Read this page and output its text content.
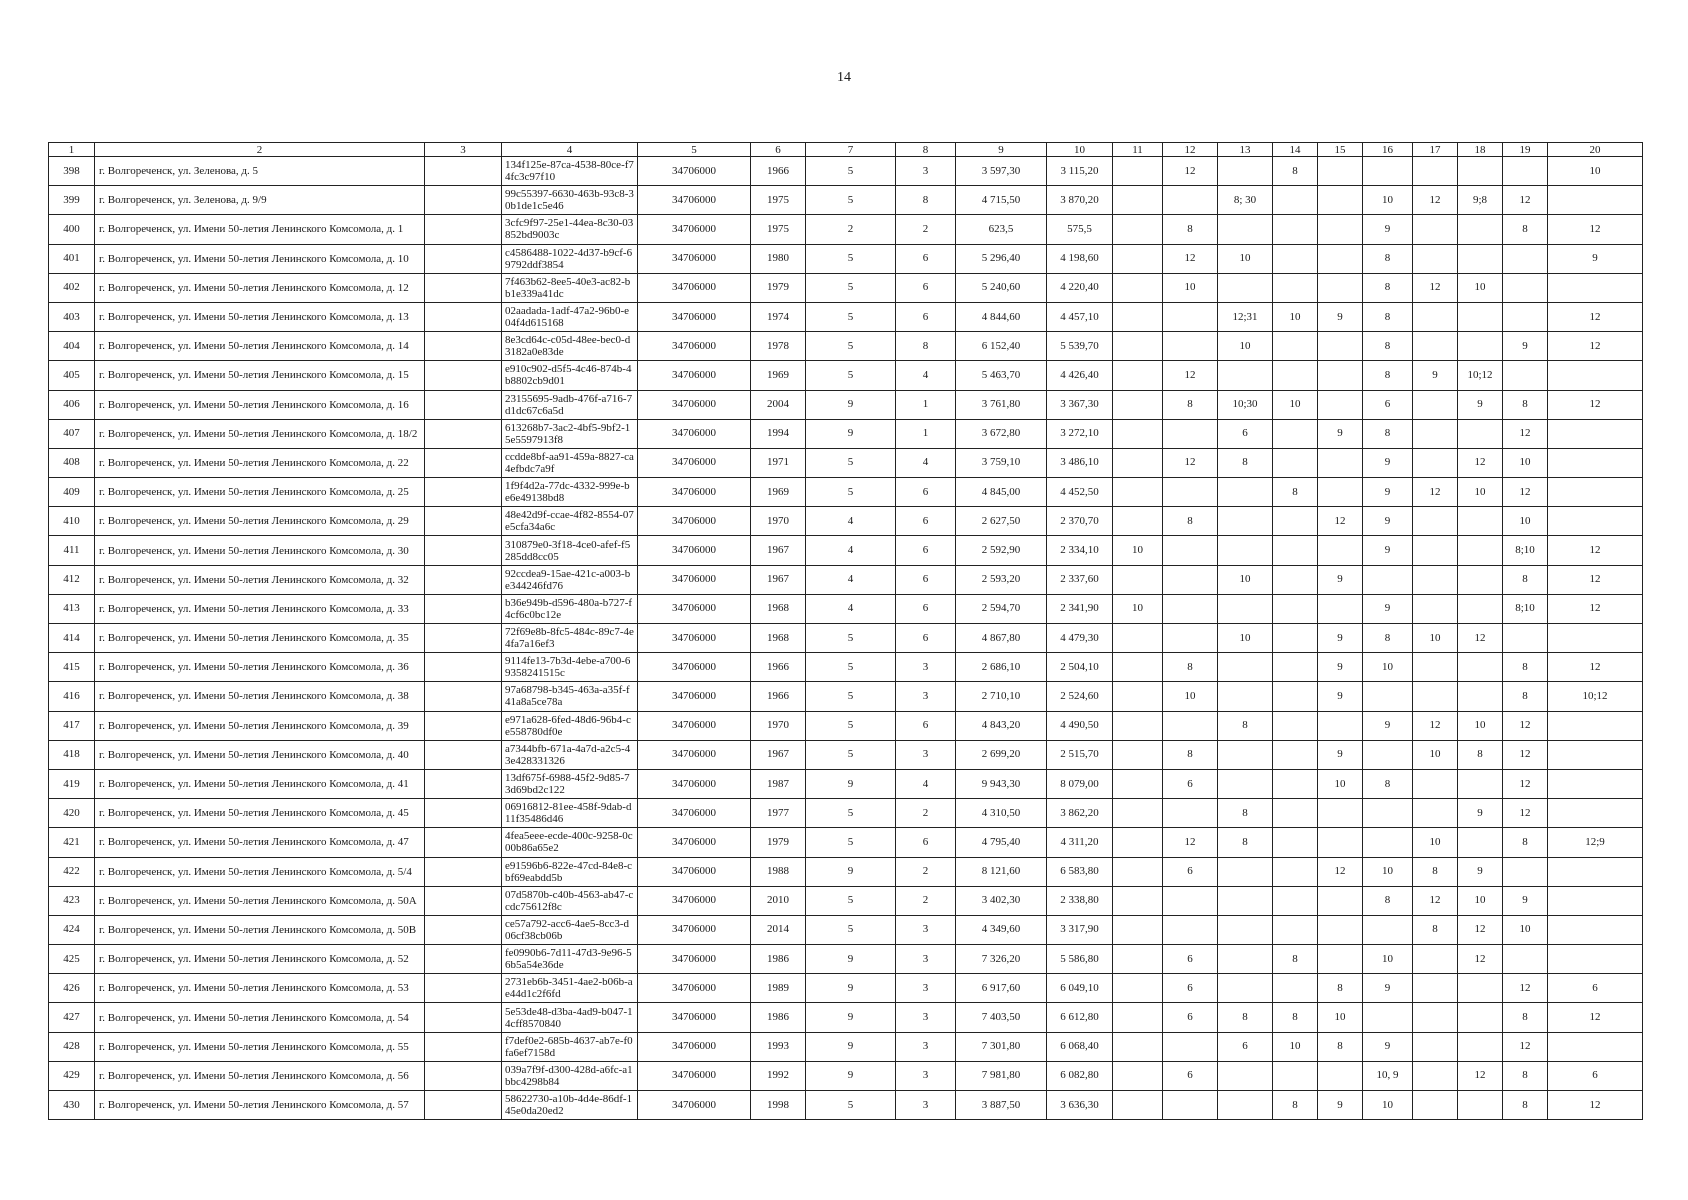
14
1	2	3	4	5	6	7	8	9	10	11	12	13	14	15	16	17	18	19	20
398	г. Волгореченск, ул. Зеленова, д. 5		134f125e-87ca-4538-80ce-f74fc3c97f10	34706000	1966	5	3	3 597,30	3 115,20		12		8						10
399	г. Волгореченск, ул. Зеленова, д. 9/9		99c55397-6630-463b-93c8-30b1de1c5e46	34706000	1975	5	8	4 715,50	3 870,20			8; 30			10	12	9;8	12	
400	г. Волгореченск, ул. Имени 50-летия Ленинского Комсомола, д. 1		3cfc9f97-25e1-44ea-8c30-03852bd9003c	34706000	1975	2	2	623,5	575,5		8				9			8	12
401	г. Волгореченск, ул. Имени 50-летия Ленинского Комсомола, д. 10		c4586488-1022-4d37-b9cf-69792ddf3854	34706000	1980	5	6	5 296,40	4 198,60		12	10			8				9
402	г. Волгореченск, ул. Имени 50-летия Ленинского Комсомола, д. 12		7f463b62-8ee5-40e3-ac82-bb1e339a41dc	34706000	1979	5	6	5 240,60	4 220,40		10				8	12	10		
403	г. Волгореченск, ул. Имени 50-летия Ленинского Комсомола, д. 13		02aadada-1adf-47a2-96b0-e04f4d615168	34706000	1974	5	6	4 844,60	4 457,10			12;31	10	9	8				12
404	г. Волгореченск, ул. Имени 50-летия Ленинского Комсомола, д. 14		8e3cd64c-c05d-48ee-bec0-d3182a0e83de	34706000	1978	5	8	6 152,40	5 539,70			10			8			9	12
405	г. Волгореченск, ул. Имени 50-летия Ленинского Комсомола, д. 15		e910c902-d5f5-4c46-874b-4b8802cb9d01	34706000	1969	5	4	5 463,70	4 426,40		12				8	9	10;12		
406	г. Волгореченск, ул. Имени 50-летия Ленинского Комсомола, д. 16		23155695-9adb-476f-a716-7d1dc67c6a5d	34706000	2004	9	1	3 761,80	3 367,30		8	10;30	10		6		9	8	12
407	г. Волгореченск, ул. Имени 50-летия Ленинского Комсомола, д. 18/2		613268b7-3ac2-4bf5-9bf2-15e5597913f8	34706000	1994	9	1	3 672,80	3 272,10			6		9	8			12	
408	г. Волгореченск, ул. Имени 50-летия Ленинского Комсомола, д. 22		ccdde8bf-aa91-459a-8827-ca4efbdc7a9f	34706000	1971	5	4	3 759,10	3 486,10		12	8			9		12	10	
409	г. Волгореченск, ул. Имени 50-летия Ленинского Комсомола, д. 25		1f9f4d2a-77dc-4332-999e-be6e49138bd8	34706000	1969	5	6	4 845,00	4 452,50				8		9	12	10	12	
410	г. Волгореченск, ул. Имени 50-летия Ленинского Комсомола, д. 29		48e42d9f-ccae-4f82-8554-07e5cfa34a6c	34706000	1970	4	6	2 627,50	2 370,70		8			12	9			10	
411	г. Волгореченск, ул. Имени 50-летия Ленинского Комсомола, д. 30		310879e0-3f18-4ce0-afef-f5285dd8cc05	34706000	1967	4	6	2 592,90	2 334,10	10					9			8;10	12
412	г. Волгореченск, ул. Имени 50-летия Ленинского Комсомола, д. 32		92ccdea9-15ae-421c-a003-be344246fd76	34706000	1967	4	6	2 593,20	2 337,60			10		9				8	12
413	г. Волгореченск, ул. Имени 50-летия Ленинского Комсомола, д. 33		b36e949b-d596-480a-b727-f4cf6c0bc12e	34706000	1968	4	6	2 594,70	2 341,90	10					9			8;10	12
414	г. Волгореченск, ул. Имени 50-летия Ленинского Комсомола, д. 35		72f69e8b-8fc5-484c-89c7-4e4fa7a16ef3	34706000	1968	5	6	4 867,80	4 479,30			10		9	8	10	12		
415	г. Волгореченск, ул. Имени 50-летия Ленинского Комсомола, д. 36		9114fe13-7b3d-4ebe-a700-69358241515c	34706000	1966	5	3	2 686,10	2 504,10		8			9	10			8	12
416	г. Волгореченск, ул. Имени 50-летия Ленинского Комсомола, д. 38		97a68798-b345-463a-a35f-f41a8a5ce78a	34706000	1966	5	3	2 710,10	2 524,60		10			9				8	10;12
417	г. Волгореченск, ул. Имени 50-летия Ленинского Комсомола, д. 39		e971a628-6fed-48d6-96b4-ce558780df0e	34706000	1970	5	6	4 843,20	4 490,50			8			9	12	10	12	
418	г. Волгореченск, ул. Имени 50-летия Ленинского Комсомола, д. 40		a7344bfb-671a-4a7d-a2c5-43e428331326	34706000	1967	5	3	2 699,20	2 515,70		8			9		10	8	12	
419	г. Волгореченск, ул. Имени 50-летия Ленинского Комсомола, д. 41		13df675f-6988-45f2-9d85-73d69bd2c122	34706000	1987	9	4	9 943,30	8 079,00		6			10	8			12	
420	г. Волгореченск, ул. Имени 50-летия Ленинского Комсомола, д. 45		06916812-81ee-458f-9dab-d11f35486d46	34706000	1977	5	2	4 310,50	3 862,20			8					9	12	
421	г. Волгореченск, ул. Имени 50-летия Ленинского Комсомола, д. 47		4fea5eee-ecde-400c-9258-0c00b86a65e2	34706000	1979	5	6	4 795,40	4 311,20		12	8				10		8	12;9
422	г. Волгореченск, ул. Имени 50-летия Ленинского Комсомола, д. 5/4		e91596b6-822e-47cd-84e8-cbf69eabdd5b	34706000	1988	9	2	8 121,60	6 583,80		6			12	10	8	9		
423	г. Волгореченск, ул. Имени 50-летия Ленинского Комсомола, д. 50А		07d5870b-c40b-4563-ab47-ccdc75612f8c	34706000	2010	5	2	3 402,30	2 338,80						8	12	10	9	
424	г. Волгореченск, ул. Имени 50-летия Ленинского Комсомола, д. 50В		ce57a792-acc6-4ae5-8cc3-d06cf38cb06b	34706000	2014	5	3	4 349,60	3 317,90							8	12	10	
425	г. Волгореченск, ул. Имени 50-летия Ленинского Комсомола, д. 52		fe0990b6-7d11-47d3-9e96-56b5a54e36de	34706000	1986	9	3	7 326,20	5 586,80		6		8		10		12		
426	г. Волгореченск, ул. Имени 50-летия Ленинского Комсомола, д. 53		2731eb6b-3451-4ae2-b06b-ae44d1c2f6fd	34706000	1989	9	3	6 917,60	6 049,10		6			8	9			12	6
427	г. Волгореченск, ул. Имени 50-летия Ленинского Комсомола, д. 54		5e53de48-d3ba-4ad9-b047-14cff8570840	34706000	1986	9	3	7 403,50	6 612,80		6	8	8	10				8	12
428	г. Волгореченск, ул. Имени 50-летия Ленинского Комсомола, д. 55		f7def0e2-685b-4637-ab7e-f0fa6ef7158d	34706000	1993	9	3	7 301,80	6 068,40			6	10	8	9			12	
429	г. Волгореченск, ул. Имени 50-летия Ленинского Комсомола, д. 56		039a7f9f-d300-428d-a6fc-a1bbc4298b84	34706000	1992	9	3	7 981,80	6 082,80		6				10, 9		12	8	6
430	г. Волгореченск, ул. Имени 50-летия Ленинского Комсомола, д. 57		58622730-a10b-4d4e-86df-145e0da20ed2	34706000	1998	5	3	3 887,50	3 636,30				8	9	10			8	12
